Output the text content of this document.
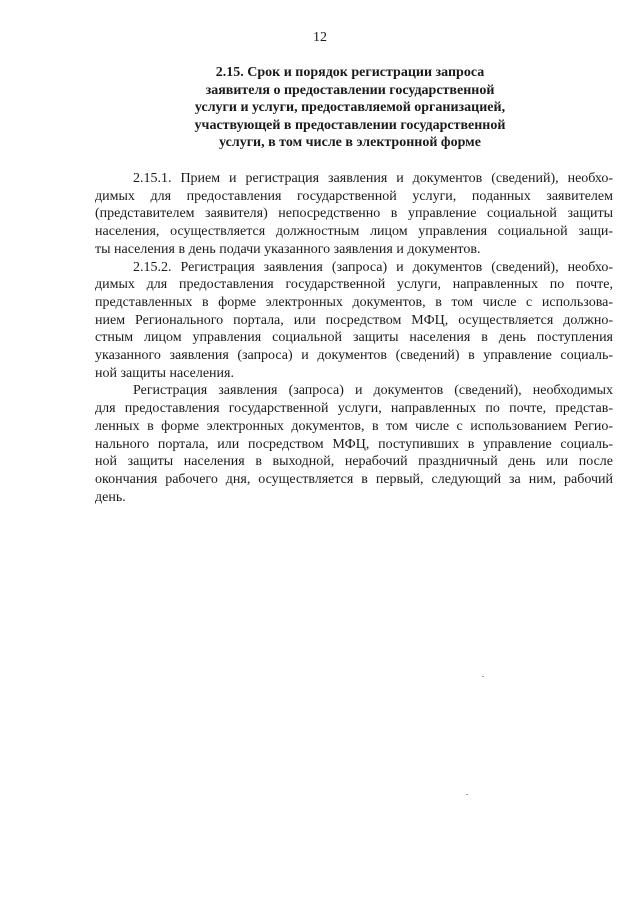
12
2.15. Срок и порядок регистрации запроса
заявителя о предоставлении государственной
услуги и услуги, предоставляемой организацией,
участвующей в предоставлении государственной
услуги, в том числе в электронной форме
2.15.1. Прием и регистрация заявления и документов (сведений), необхо-
димых для предоставления государственной услуги, поданных заявителем
(представителем заявителя) непосредственно в управление социальной защиты
населения, осуществляется должностным лицом управления социальной защи-
ты населения в день подачи указанного заявления и документов.
2.15.2. Регистрация заявления (запроса) и документов (сведений), необхо-
димых для предоставления государственной услуги, направленных по почте,
представленных в форме электронных документов, в том числе с использова-
нием Регионального портала, или посредством МФЦ, осуществляется должно-
стным лицом управления социальной защиты населения в день поступления
указанного заявления (запроса) и документов (сведений) в управление социаль-
ной защиты населения.
Регистрация заявления (запроса) и документов (сведений), необходимых
для предоставления государственной услуги, направленных по почте, представ-
ленных в форме электронных документов, в том числе с использованием Регио-
нального портала, или посредством МФЦ, поступивших в управление социаль-
ной защиты населения в выходной, нерабочий праздничный день или после
окончания рабочего дня, осуществляется в первый, следующий за ним, рабочий
день.
